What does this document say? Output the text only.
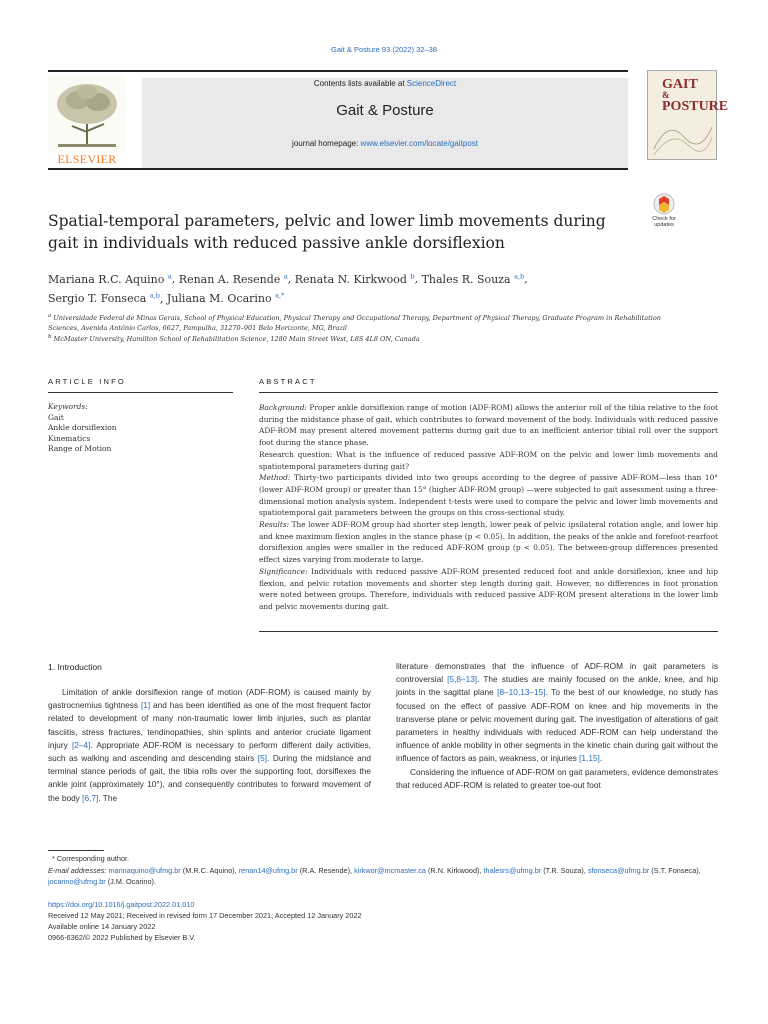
Gait & Posture 93 (2022) 32–38
ELSEVIER
Contents lists available at ScienceDirect
Gait & Posture
journal homepage: www.elsevier.com/locate/gaitpost
GAIT
&
POSTURE
Spatial-temporal parameters, pelvic and lower limb movements during gait in individuals with reduced passive ankle dorsiflexion
Check for
updates
Mariana R.C. Aquino $^a$, Renan A. Resende $^a$, Renata N. Kirkwood $^b$, Thales R. Souza $^{a,b}$,
Sergio T. Fonseca $^{a,b}$, Juliana M. Ocarino $^{a,*}$
$^a$ Universidade Federal de Minas Gerais, School of Physical Education, Physical Therapy and Occupational Therapy, Department of Physical Therapy, Graduate Program in Rehabilitation Sciences, Avenida Antônio Carlos, 6627, Pampulha, 31270–901 Belo Horizonte, MG, Brazil
$^b$ McMaster University, Hamilton School of Rehabilitation Science, 1280 Main Street West, L8S 4L8 ON, Canada
ARTICLE INFO	ABSTRACT
Keywords:
Gait
Ankle dorsiflexion
Kinematics
Range of Motion

Background: Proper ankle dorsiflexion range of motion (ADF-ROM) allows the anterior roll of the tibia relative to the foot during the midstance phase of gait, which contributes to forward movement of the body. Individuals with reduced passive ADF-ROM may present altered movement patterns during gait due to an inefficient anterior tibial roll over the support foot during the stance phase.

Research question: What is the influence of reduced passive ADF-ROM on the pelvic and lower limb movements and spatiotemporal parameters during gait?

Method: Thirty-two participants divided into two groups according to the degree of passive ADF-ROM—less than 10° (lower ADF-ROM group) or greater than 15° (higher ADF-ROM group) —were subjected to gait assessment using a three-dimensional motion analysis system. Independent t-tests were used to compare the pelvic and lower limb movements and spatiotemporal gait parameters between the groups on this cross-sectional study.

Results: The lower ADF-ROM group had shorter step length, lower peak of pelvic ipsilateral rotation angle, and lower hip and knee maximum flexion angles in the stance phase (p < 0.05). In addition, the peaks of the ankle and forefoot-rearfoot dorsiflexion angles were smaller in the reduced ADF-ROM group (p < 0.05). The between-group differences presented effect sizes varying from moderate to large.

Significance: Individuals with reduced passive ADF-ROM presented reduced foot and ankle dorsiflexion, knee and hip flexion, and pelvic rotation movements and shorter step length during gait. However, no differences in foot pronation were noted between groups. Therefore, individuals with reduced passive ADF-ROM present alterations in the lower limb and pelvic movements during gait.

1. Introduction

Limitation of ankle dorsiflexion range of motion (ADF-ROM) is caused mainly by gastrocnemius tightness [1] and has been identified as one of the most frequent factor related to development of many non-traumatic lower limb injuries, such as plantar fasciitis, stress fractures, tendinopathies, shin splints and anterior cruciate ligament injury [2–4]. Appropriate ADF-ROM is necessary to perform different daily activities, such as walking and ascending and descending stairs [5]. During the midstance and terminal stance periods of gait, the tibia rolls over the supporting foot, dorsiflexes the ankle joint (approximately 10°), and consequently contributes to forward movement of the body [6,7]. The

literature demonstrates that the influence of ADF-ROM in gait parameters is controversial [5,8–13]. The studies are mainly focused on the ankle, knee, and hip joints in the sagittal plane [8–10,13–15]. To the best of our knowledge, no study has focused on the effect of passive ADF-ROM on knee and hip movements in the transverse plane or pelvic movement during gait. The investigation of alterations of gait parameters in healthy individuals with reduced ADF-ROM can help understand the influence of ankle mobility in other segments in the kinetic chain during gait without the influence of factors as pain, weakness, or injuries [1,15].

Considering the influence of ADF-ROM on gait parameters, evidence demonstrates that reduced ADF-ROM is related to greater toe-out foot

* Corresponding author.
E-mail addresses: marinaquino@ufmg.br (M.R.C. Aquino), renan14@ufmg.br (R.A. Resende), kirkwor@mcmaster.ca (R.N. Kirkwood), thalesrs@ufmg.br (T.R. Souza), sfonseca@ufmg.br (S.T. Fonseca), jocarino@ufmg.br (J.M. Ocarino).
https://doi.org/10.1016/j.gaitpost.2022.01.010
Received 12 May 2021; Received in revised form 17 December 2021; Accepted 12 January 2022
Available online 14 January 2022
0966-6362/© 2022 Published by Elsevier B.V.
